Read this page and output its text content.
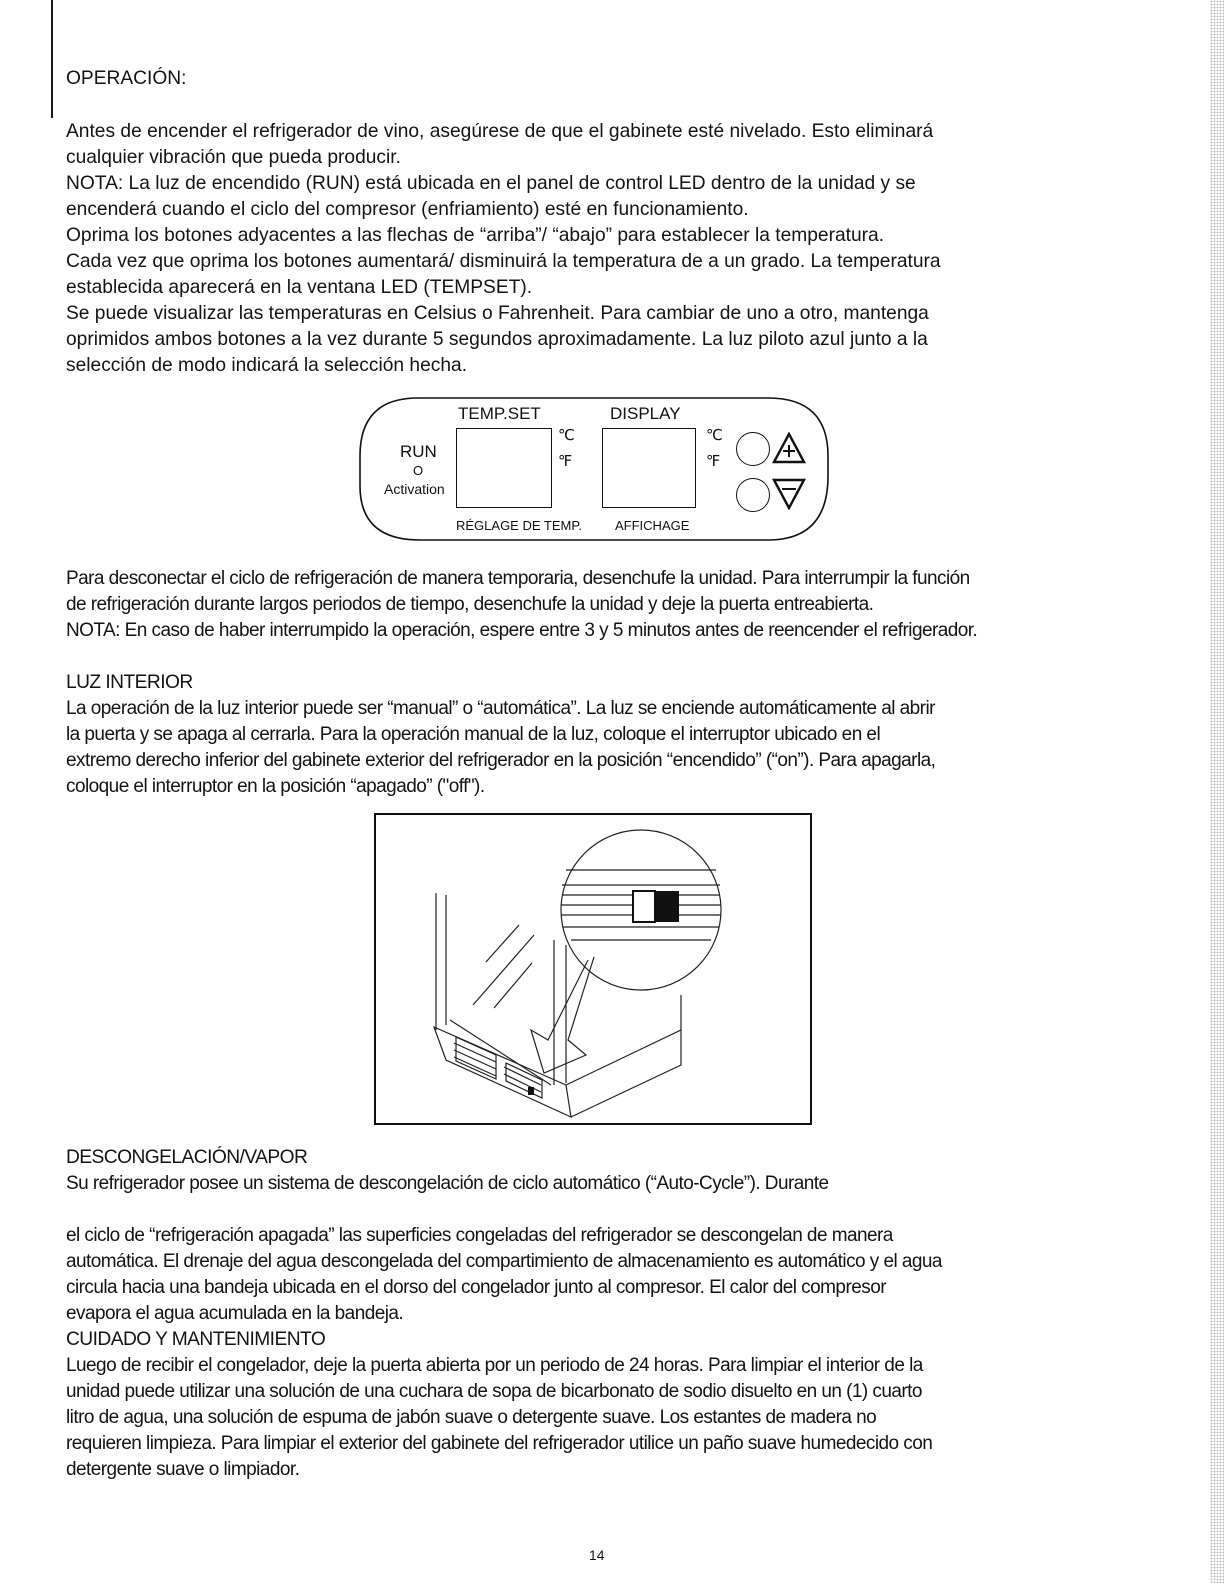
OPERACIÓN:

Antes de encender el refrigerador de vino, asegúrese de que el gabinete esté nivelado. Esto eliminará

cualquier vibración que pueda producir.

NOTA: La luz de encendido (RUN) está ubicada en el panel de control LED dentro de la unidad y se

encenderá cuando el ciclo del compresor (enfriamiento) esté en funcionamiento.

Oprima los botones adyacentes a las flechas de “arriba”/ “abajo” para establecer la temperatura.

Cada vez que oprima los botones aumentará/ disminuirá la temperatura de a un grado. La temperatura

establecida aparecerá en la ventana LED (TEMPSET).

Se puede visualizar las temperaturas en Celsius o Fahrenheit. Para cambiar de uno a otro, mantenga

oprimidos ambos botones a la vez durante 5 segundos aproximadamente. La luz piloto azul junto a la

selección de modo indicará la selección hecha.

RUN
O
Activation
TEMP.SET
℃
℉
RÉGLAGE DE TEMP.
DISPLAY
℃
℉
AFFICHAGE

Para desconectar el ciclo de refrigeración de manera temporaria, desenchufe la unidad. Para interrumpir la función

de refrigeración durante largos periodos de tiempo, desenchufe la unidad y deje la puerta entreabierta.

NOTA: En caso de haber interrumpido la operación, espere entre 3 y 5 minutos antes de reencender el refrigerador.

LUZ INTERIOR

La operación de la luz interior puede ser “manual” o “automática”. La luz se enciende automáticamente al abrir

la puerta y se apaga al cerrarla. Para la operación manual de la luz, coloque el interruptor ubicado en el

extremo derecho inferior del gabinete exterior del refrigerador en la posición “encendido” (“on”). Para apagarla,

coloque el interruptor en la posición “apagado” ("off").

DESCONGELACIÓN/VAPOR

Su refrigerador posee un sistema de descongelación de ciclo automático (“Auto-Cycle”). Durante

el ciclo de “refrigeración apagada” las superficies congeladas del refrigerador se descongelan de manera

automática. El drenaje del agua descongelada del compartimiento de almacenamiento es automático y el agua

circula hacia una bandeja ubicada en el dorso del congelador junto al compresor. El calor del compresor

evapora el agua acumulada en la bandeja.

CUIDADO Y MANTENIMIENTO

Luego de recibir el congelador, deje la puerta abierta por un periodo de 24 horas. Para limpiar el interior de la

unidad puede utilizar una solución de una cuchara de sopa de bicarbonato de sodio disuelto en un (1) cuarto

litro de agua, una solución de espuma de jabón suave o detergente suave. Los estantes de madera no

requieren limpieza. Para limpiar el exterior del gabinete del refrigerador utilice un paño suave humedecido con

detergente suave o limpiador.

14
